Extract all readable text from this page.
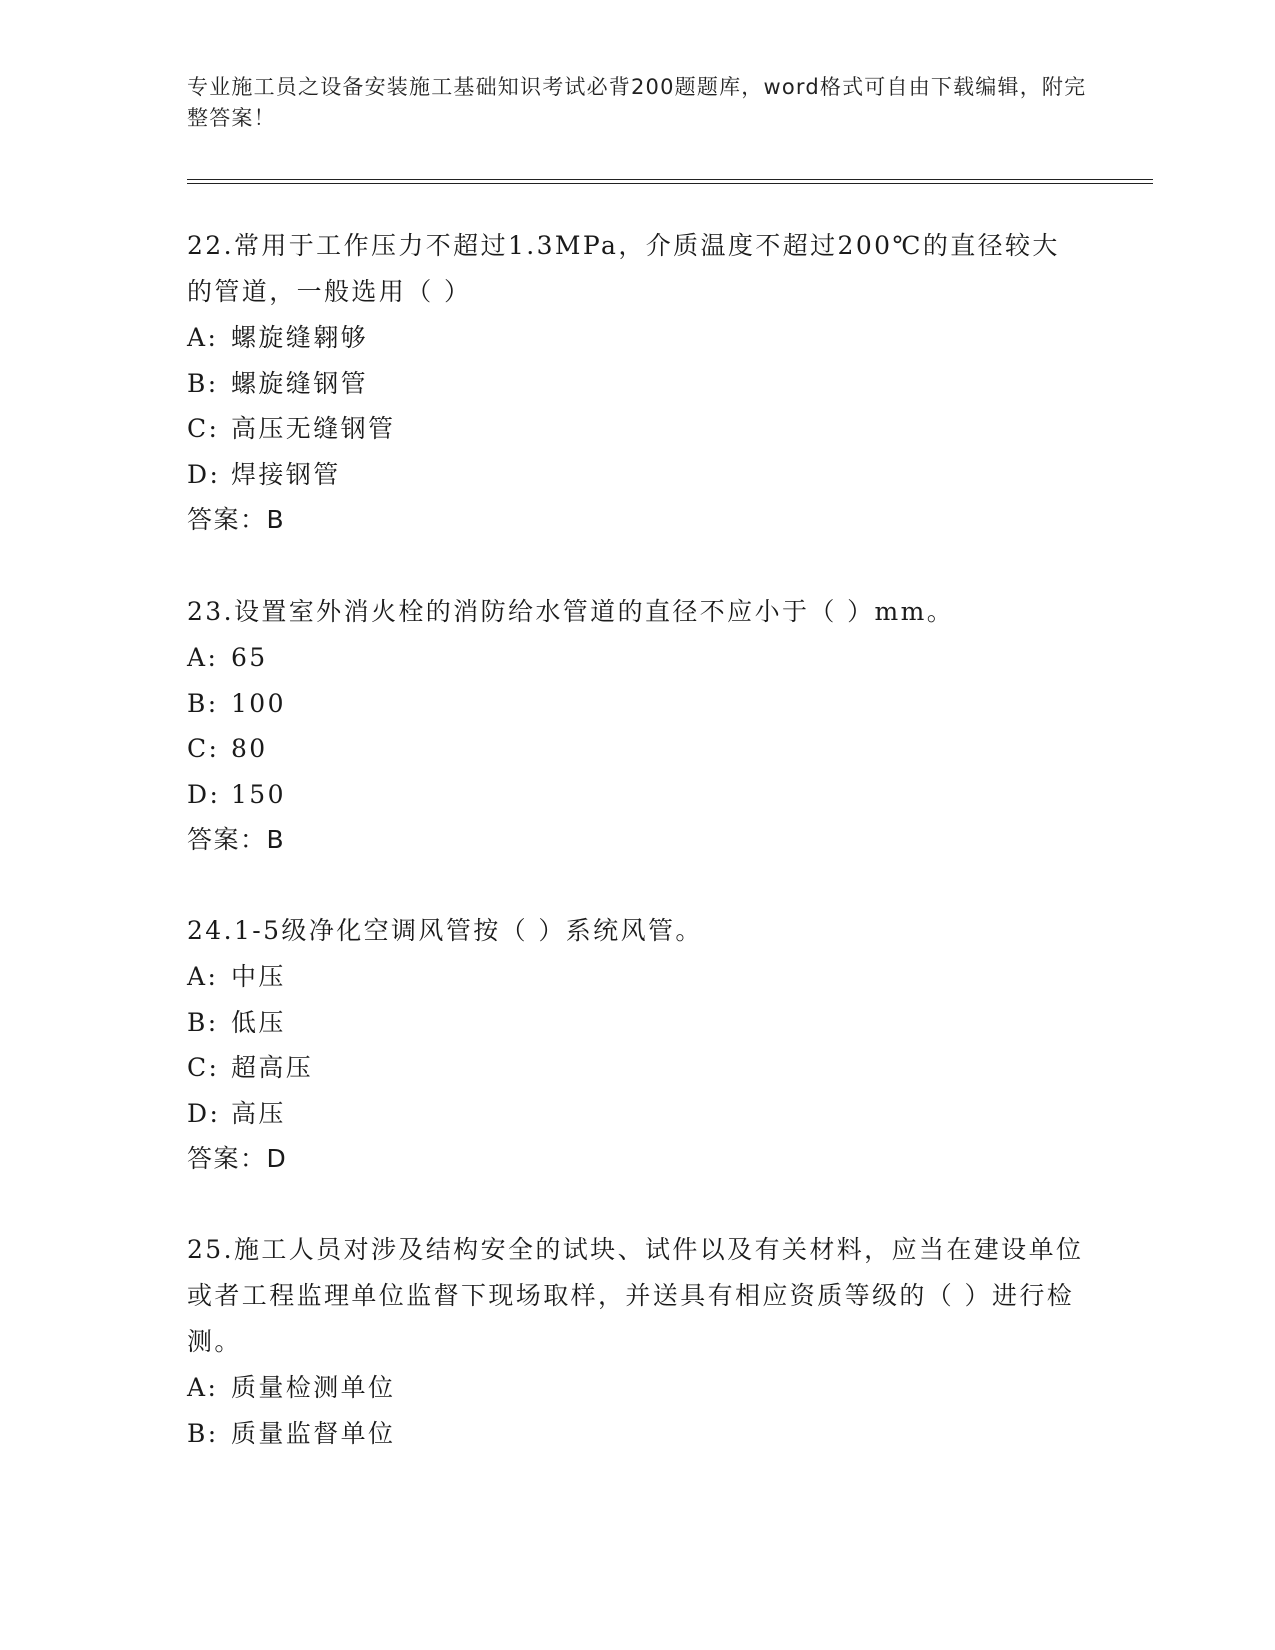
专业施工员之设备安装施工基础知识考试必背200题题库，word格式可自由下载编辑，附完整答案！

22.常用于工作压力不超过1.3MPa，介质温度不超过200℃的直径较大的管道，一般选用（ ）

A: 螺旋缝翱够

B: 螺旋缝钢管

C: 高压无缝钢管

D: 焊接钢管

答案：B

23.设置室外消火栓的消防给水管道的直径不应小于（ ）mm。

A: 65

B: 100

C: 80

D: 150

答案：B

24.1-5级净化空调风管按（ ）系统风管。

A: 中压

B: 低压

C: 超高压

D: 高压

答案：D

25.施工人员对涉及结构安全的试块、试件以及有关材料，应当在建设单位或者工程监理单位监督下现场取样，并送具有相应资质等级的（ ）进行检测。

A: 质量检测单位

B: 质量监督单位
